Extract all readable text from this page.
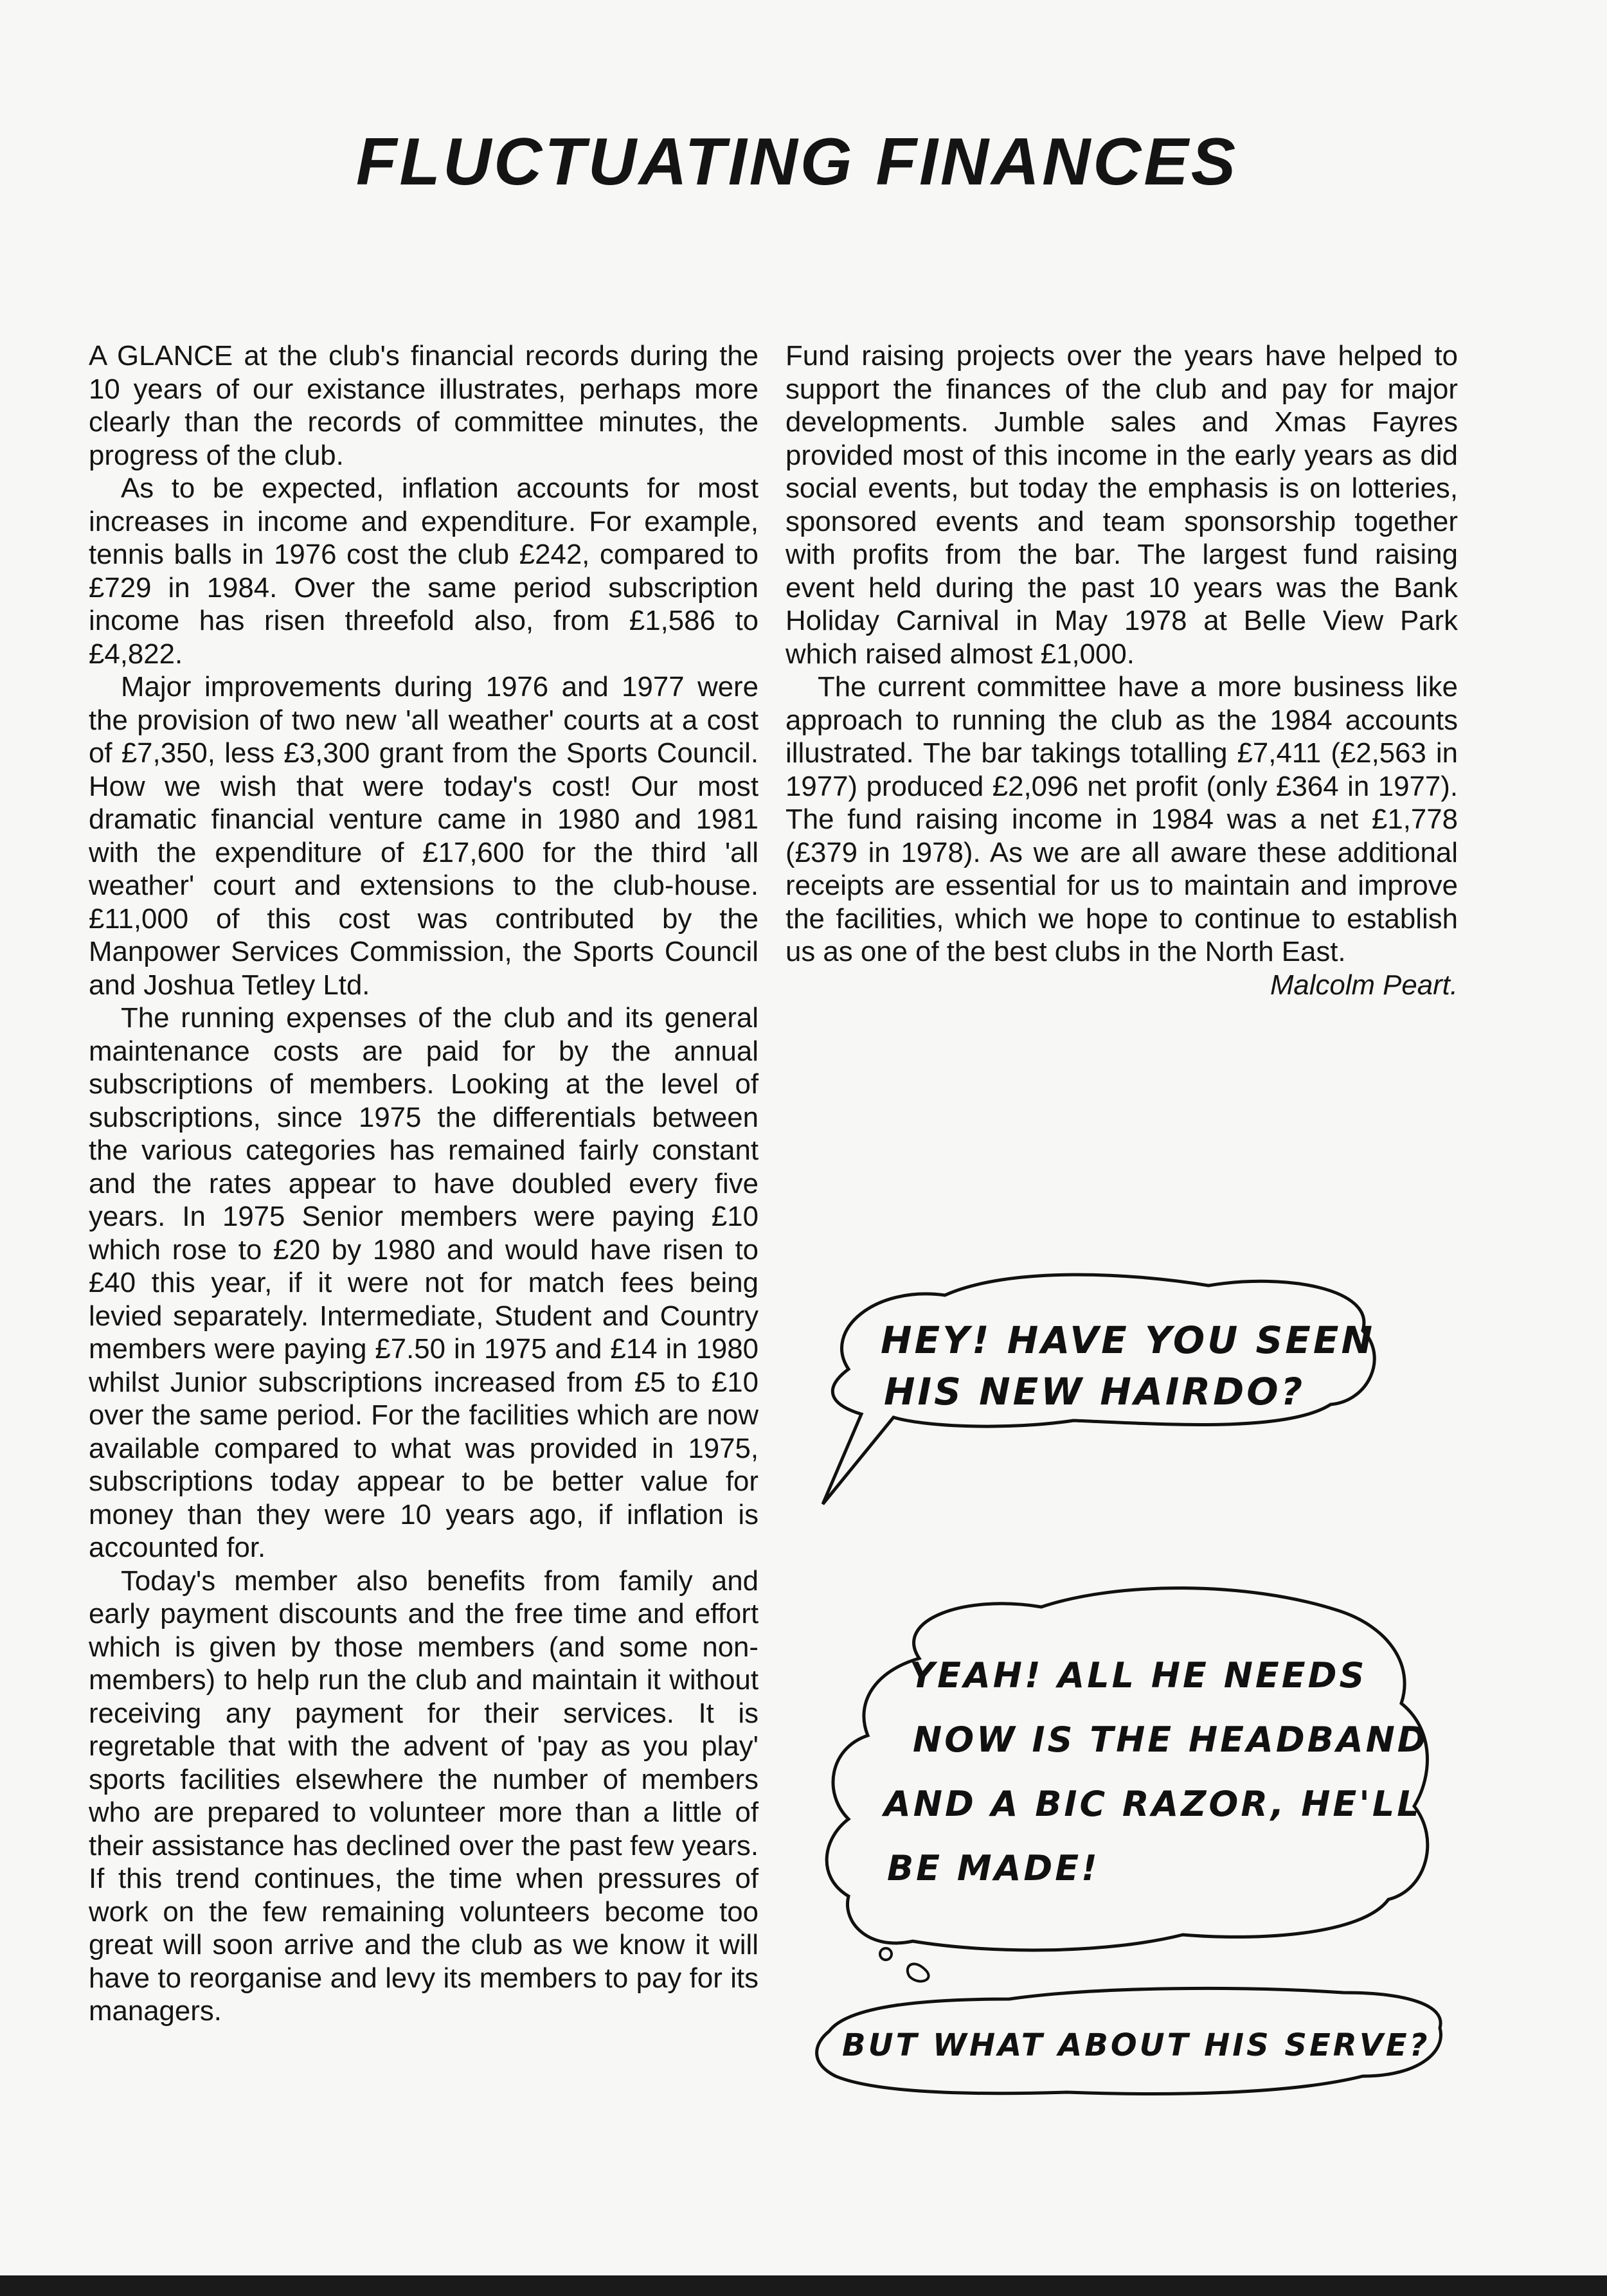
FLUCTUATING FINANCES

A GLANCE at the club's financial records during the 10 years of our existance illustrates, perhaps more clearly than the records of committee minutes, the progress of the club.

As to be expected, inflation accounts for most increases in income and expenditure. For example, tennis balls in 1976 cost the club £242, compared to £729 in 1984. Over the same period subscription income has risen threefold also, from £1,586 to £4,822.

Major improvements during 1976 and 1977 were the provision of two new 'all weather' courts at a cost of £7,350, less £3,300 grant from the Sports Council. How we wish that were today's cost! Our most dramatic financial venture came in 1980 and 1981 with the expenditure of £17,600 for the third 'all weather' court and extensions to the club-house. £11,000 of this cost was contributed by the Manpower Services Commission, the Sports Council and Joshua Tetley Ltd.

The running expenses of the club and its general maintenance costs are paid for by the annual subscriptions of members. Looking at the level of subscriptions, since 1975 the differentials between the various categories has remained fairly constant and the rates appear to have doubled every five years. In 1975 Senior members were paying £10 which rose to £20 by 1980 and would have risen to £40 this year, if it were not for match fees being levied separately. Intermediate, Student and Country members were paying £7.50 in 1975 and £14 in 1980 whilst Junior subscriptions increased from £5 to £10 over the same period. For the facilities which are now available compared to what was provided in 1975, subscriptions today appear to be better value for money than they were 10 years ago, if inflation is accounted for.

Today's member also benefits from family and early payment discounts and the free time and effort which is given by those members (and some non-members) to help run the club and maintain it without receiving any payment for their services. It is regretable that with the advent of 'pay as you play' sports facilities elsewhere the number of members who are prepared to volunteer more than a little of their assistance has declined over the past few years. If this trend continues, the time when pressures of work on the few remaining volunteers become too great will soon arrive and the club as we know it will have to reorganise and levy its members to pay for its managers.

Fund raising projects over the years have helped to support the finances of the club and pay for major developments. Jumble sales and Xmas Fayres provided most of this income in the early years as did social events, but today the emphasis is on lotteries, sponsored events and team sponsorship together with profits from the bar. The largest fund raising event held during the past 10 years was the Bank Holiday Carnival in May 1978 at Belle View Park which raised almost £1,000.

The current committee have a more business like approach to running the club as the 1984 accounts illustrated. The bar takings totalling £7,411 (£2,563 in 1977) produced £2,096 net profit (only £364 in 1977). The fund raising income in 1984 was a net £1,778 (£379 in 1978). As we are all aware these additional receipts are essential for us to maintain and improve the facilities, which we hope to continue to establish us as one of the best clubs in the North East.

Malcolm Peart.

HEY! HAVE YOU SEEN
HIS NEW HAIRDO?
YEAH! ALL HE NEEDS
NOW IS THE HEADBAND
AND A BIC RAZOR, HE'LL
BE MADE!
BUT WHAT ABOUT HIS SERVE?
